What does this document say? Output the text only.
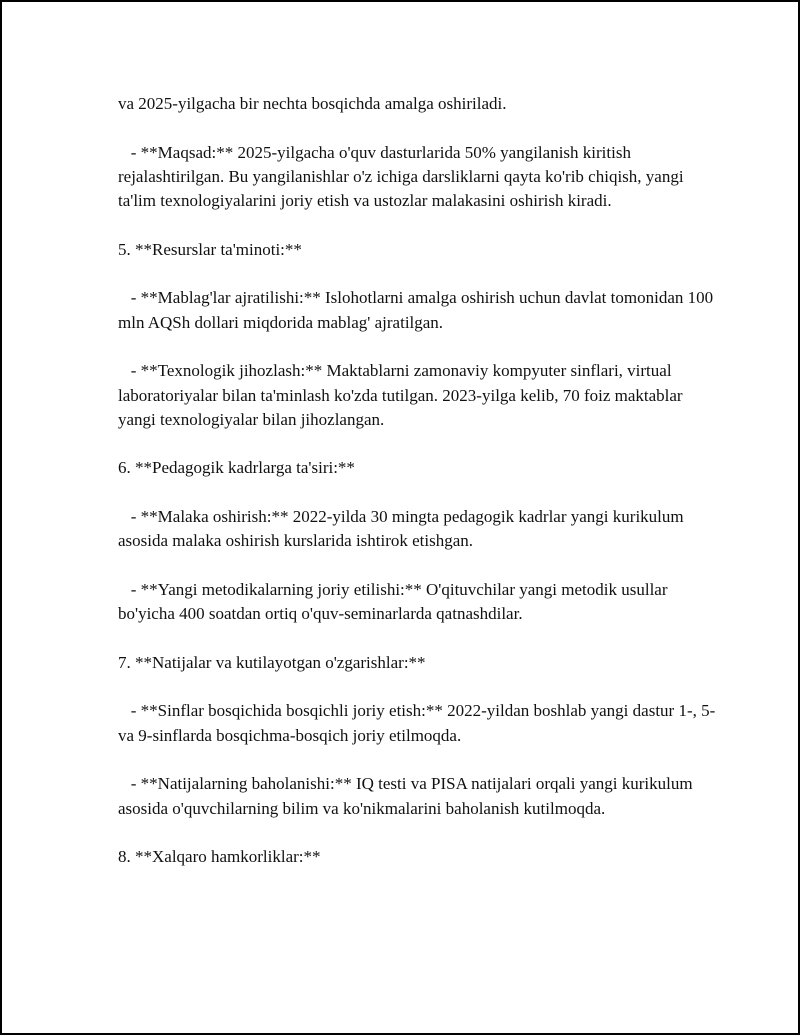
va 2025-yilgacha bir nechta bosqichda amalga oshiriladi.

- **Maqsad:** 2025-yilgacha o'quv dasturlarida 50% yangilanish kiritish rejalashtirilgan. Bu yangilanishlar o'z ichiga darsliklarni qayta ko'rib chiqish, yangi ta'lim texnologiyalarini joriy etish va ustozlar malakasini oshirish kiradi.

5. **Resurslar ta'minoti:**

- **Mablag'lar ajratilishi:** Islohotlarni amalga oshirish uchun davlat tomonidan 100 mln AQSh dollari miqdorida mablag' ajratilgan.

- **Texnologik jihozlash:** Maktablarni zamonaviy kompyuter sinflari, virtual laboratoriyalar bilan ta'minlash ko'zda tutilgan. 2023-yilga kelib, 70 foiz maktablar yangi texnologiyalar bilan jihozlangan.

6. **Pedagogik kadrlarga ta'siri:**

- **Malaka oshirish:** 2022-yilda 30 mingta pedagogik kadrlar yangi kurikulum asosida malaka oshirish kurslarida ishtirok etishgan.

- **Yangi metodikalarning joriy etilishi:** O'qituvchilar yangi metodik usullar bo'yicha 400 soatdan ortiq o'quv-seminarlarda qatnashdilar.

7. **Natijalar va kutilayotgan o'zgarishlar:**

- **Sinflar bosqichida bosqichli joriy etish:** 2022-yildan boshlab yangi dastur 1-, 5- va 9-sinflarda bosqichma-bosqich joriy etilmoqda.

- **Natijalarning baholanishi:** IQ testi va PISA natijalari orqali yangi kurikulum asosida o'quvchilarning bilim va ko'nikmalarini baholanish kutilmoqda.

8. **Xalqaro hamkorliklar:**
